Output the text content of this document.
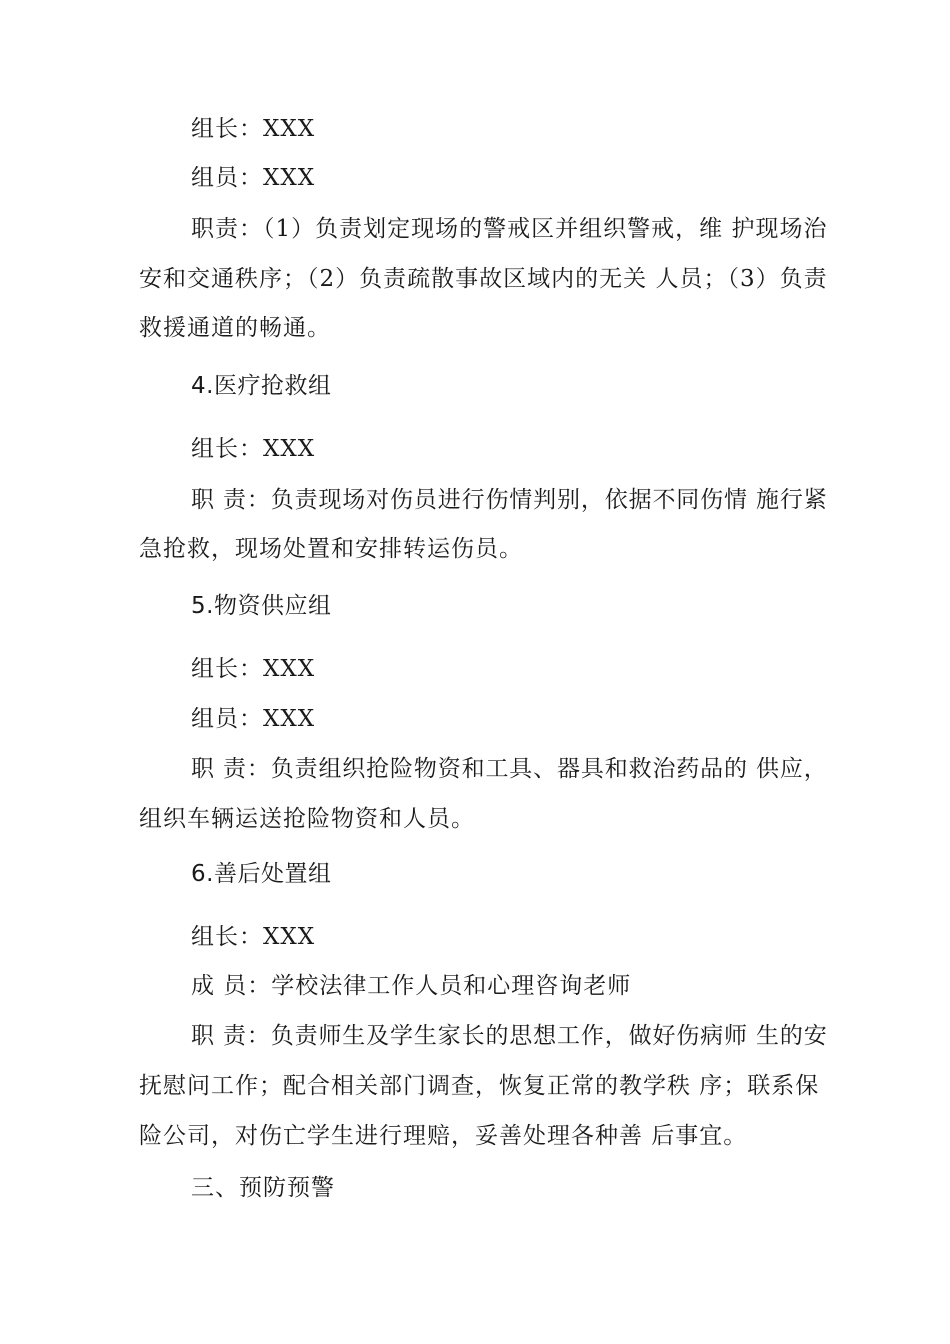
组长：XXX
组员：XXX
职责：（1）负责划定现场的警戒区并组织警戒，维 护现场治
安和交通秩序；（2）负责疏散事故区域内的无关 人员；（3）负责
救援通道的畅通。
4.医疗抢救组
组长：XXX
职 责：负责现场对伤员进行伤情判别，依据不同伤情 施行紧
急抢救，现场处置和安排转运伤员。
5.物资供应组
组长：XXX
组员：XXX
职 责：负责组织抢险物资和工具、器具和救治药品的 供应，
组织车辆运送抢险物资和人员。
6.善后处置组
组长：XXX
成 员：学校法律工作人员和心理咨询老师
职 责：负责师生及学生家长的思想工作，做好伤病师 生的安
抚慰问工作；配合相关部门调查，恢复正常的教学秩 序；联系保
险公司，对伤亡学生进行理赔，妥善处理各种善 后事宜。
三、预防预警
